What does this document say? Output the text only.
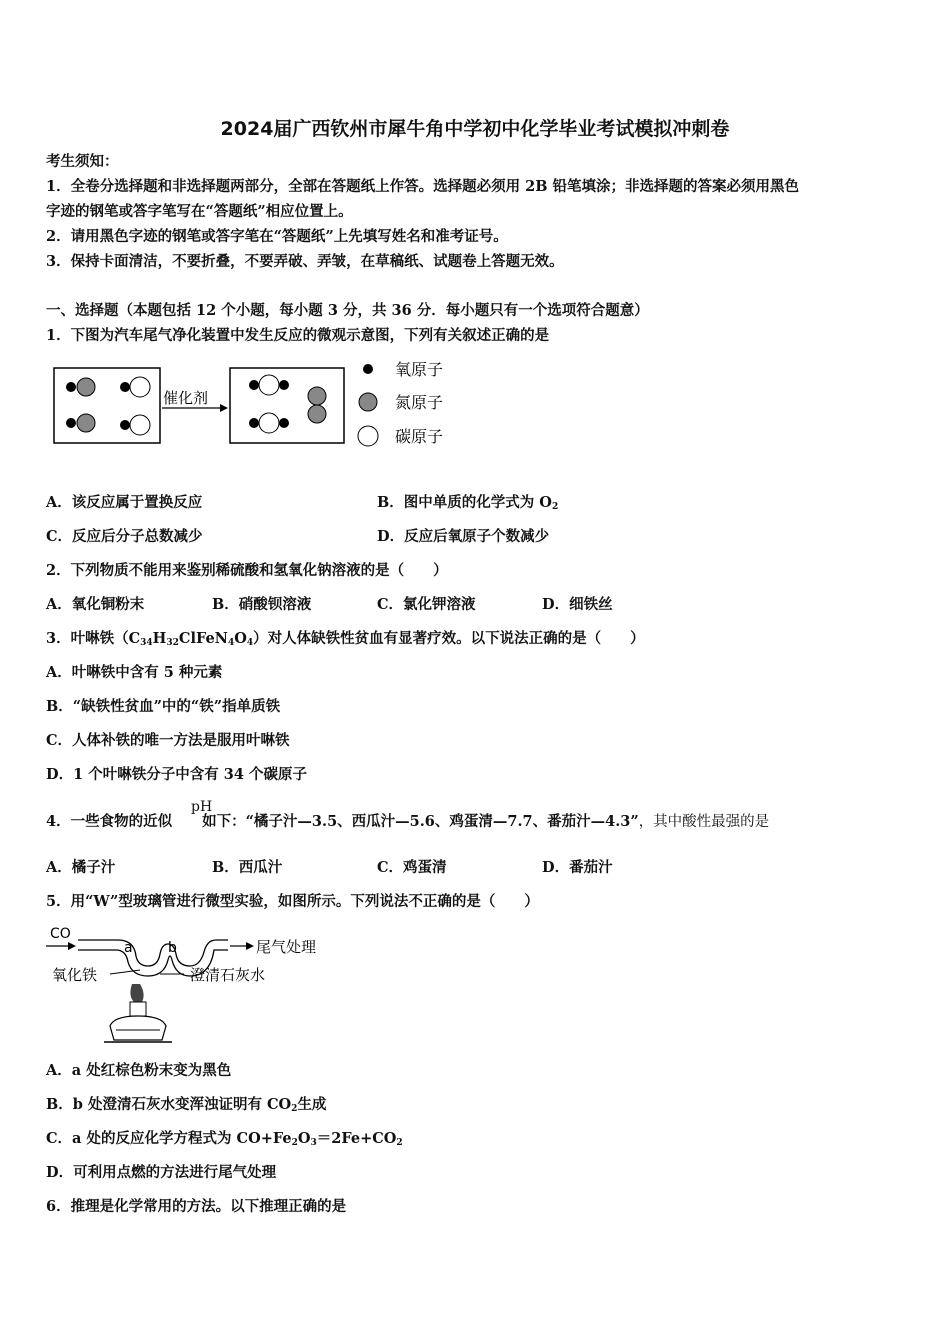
2024届广西钦州市犀牛角中学初中化学毕业考试模拟冲刺卷
考生须知：
1．全卷分选择题和非选择题两部分，全部在答题纸上作答。选择题必须用 2B 铅笔填涂；非选择题的答案必须用黑色
字迹的钢笔或答字笔写在“答题纸”相应位置上。
2．请用黑色字迹的钢笔或答字笔在“答题纸”上先填写姓名和准考证号。
3．保持卡面清洁，不要折叠，不要弄破、弄皱，在草稿纸、试题卷上答题无效。
一、选择题（本题包括 12 个小题，每小题 3 分，共 36 分．每小题只有一个选项符合题意）
1．下图为汽车尾气净化装置中发生反应的微观示意图，下列有关叙述正确的是
催化剂
氧原子
氮原子
碳原子
A．该反应属于置换反应	B．图中单质的化学式为 $O_2$
C．反应后分子总数减少	D．反应后氧原子个数减少
2．下列物质不能用来鉴别稀硫酸和氢氧化钠溶液的是（　　）
A．氧化铜粉末	B．硝酸钡溶液	C．氯化钾溶液	D．细铁丝
3．叶啉铁$(C_{34}H_{32}ClFeN_4O_4)$对人体缺铁性贫血有显著疗效。以下说法正确的是（　　）
A．叶啉铁中含有 5 种元素
B．“缺铁性贫血”中的“铁”指单质铁
C．人体补铁的唯一方法是服用叶啉铁
D．1 个叶啉铁分子中含有 34 个碳原子
4．一些食物的近似 如下：“橘子汁—3.5、西瓜汁—5.6、鸡蛋清—7.7、番茄汁—4.3”，其中酸性最强的是
pH
A．橘子汁	B．西瓜汁	C．鸡蛋清	D．番茄汁
5．用“W”型玻璃管进行微型实验，如图所示。下列说法不正确的是（　　）
CO
a	b	尾气处理
氧化铁	澄清石灰水
A．a 处红棕色粉末变为黑色
B．b 处澄清石灰水变浑浊证明有 $CO_2$生成
C．a 处的反应化学方程式为 $CO+Fe_2O_3=2Fe+CO_2$
D．可利用点燃的方法进行尾气处理
6．推理是化学常用的方法。以下推理正确的是
